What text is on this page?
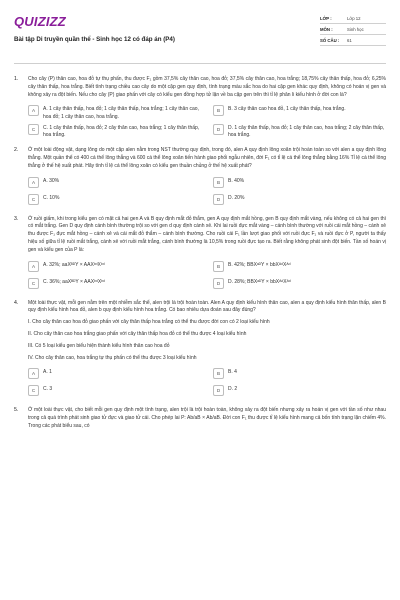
QUIZIZZ
Bài tập Di truyền quần thể - Sinh học 12 có đáp án (P4)
LỚP :	Lớp 12
MÔN :	Sinh học
SỐ CÂU :	61
1. Cho cây (P) thân cao, hoa đỏ tự thụ phấn, thu được F₁ gồm 37,5% cây thân cao, hoa đỏ; 37,5% cây thân cao, hoa trắng; 18,75% cây thân thấp, hoa đỏ; 6,25% cây thân thấp, hoa trắng. Biết tính trạng chiều cao cây do một cặp gen quy định, tính trạng màu sắc hoa do hai cặp gen khác quy định, không có hoán vị gen và không xảy ra đột biến. Nếu cho cây (P) giao phấn với cây có kiểu gen đồng hợp tử lặn về ba cặp gen trên thì tỉ lệ phân li kiểu hình ở đời con là?
A	A. 1 cây thân thấp, hoa đỏ; 1 cây thân thấp, hoa trắng; 1 cây thân cao, hoa đỏ; 1 cây thân cao, hoa trắng.
B	B. 3 cây thân cao hoa đỏ, 1 cây thân thấp, hoa trắng.
C	C. 1 cây thân thấp, hoa đỏ; 2 cây thân cao, hoa trắng; 1 cây thân thấp, hoa trắng.
D	D. 1 cây thân thấp, hoa đỏ; 1 cây thân cao, hoa trắng; 2 cây thân thấp, hoa trắng.
2. Ở một loài động vật, dạng lông do một cặp alen nằm trong NST thường quy định, trong đó, alen A quy định lông xoăn trội hoàn toàn so với alen a quy định lông thẳng. Một quần thể có 400 cá thể lông thẳng và 600 cá thể lông xoăn tiến hành giao phối ngẫu nhiên, đời F₁ có tỉ lệ cá thể lông thẳng bằng 16% Tỉ lệ cá thể lông thẳng ở thế hệ xuất phát. Hãy tính tỉ lệ cá thể lông xoăn có kiểu gen thuần chủng ở thế hệ xuất phát?
A	A. 30%	B	B. 40%
C	C. 10%	D	D. 20%
3. Ở ruồi giấm, khi trong kiểu gen có mặt cả hai gen A và B quy định mắt đỏ thắm, gen A quy định mắt hồng, gen B quy định mắt vàng, nếu không có cả hai gen thì có mắt trắng. Gen D quy định cánh bình thường trội so với gen d quy định cánh xẻ. Khi lai ruồi đực mắt vàng – cánh bình thường với ruồi cái mắt hồng – cánh xẻ thu được F₁ đực mắt hồng – cánh xẻ và cái mắt đỏ thắm – cánh bình thường. Cho ruồi cái F₁ lần lượt giao phối với ruồi đực F₁ và ruồi đực ở P, người ta thấy hiệu số giữa tỉ lệ ruồi mắt trắng, cánh xẻ với ruồi mắt trắng, cánh bình thường là 10,5% trong ruồi đực tạo ra. Biết rằng không phát sinh đột biến. Tần số hoán vị gen và kiểu gen của P là:
A	A. 32%; aaXᴮᴰY × AAXᵇᵈXᵇᵈ	B	B. 42%; BBXᵃᴰY × bbXᴬᵈXᴬᵈ
C	C. 36%; aaXᴮᴰY × AAXᵇᵈXᵇᵈ	D	D. 28%; BBXᵃᴰY × bbXᴬᵈXᴬᵈ
4. Một loài thực vật, mỗi gen nằm trên một nhiễm sắc thể, alen trội là trội hoàn toàn. Alen A quy định kiểu hình thân cao, alen a quy định kiểu hình thân thấp, alen B quy định kiểu hình hoa đỏ, alen b quy định kiểu hình hoa trắng. Có bao nhiêu dựa đoán sau đây đúng?
I. Cho cây thân cao hoa đỏ giao phấn với cây thân thấp hoa trắng có thể thu được đời con có 2 loại kiểu hình
II. Cho cây thân cao hoa trắng giao phấn với cây thân thấp hoa đỏ có thể thu được 4 loại kiểu hình
III. Có 5 loại kiểu gen biểu hiện thành kiểu hình thân cao hoa đỏ
IV. Cho cây thân cao, hoa trắng tự thụ phấn có thể thu được 3 loại kiểu hình
A	A. 1	B	B. 4
C	C. 3	D	D. 2
5. Ở một loài thực vật, cho biết mỗi gen quy định một tính trạng, alen trội là trội hoàn toàn, không xảy ra đột biến nhưng xảy ra hoán vị gen với tần số như nhau trong cả quá trình phát sinh giao tử đực và giao tử cái. Cho phép lai P: Ab/aB × Ab/aB. Đời con F₁ thu được tỉ lệ kiểu hình mang cả bốn tính trạng lặn chiếm 4%. Trong các phát biểu sau, có
